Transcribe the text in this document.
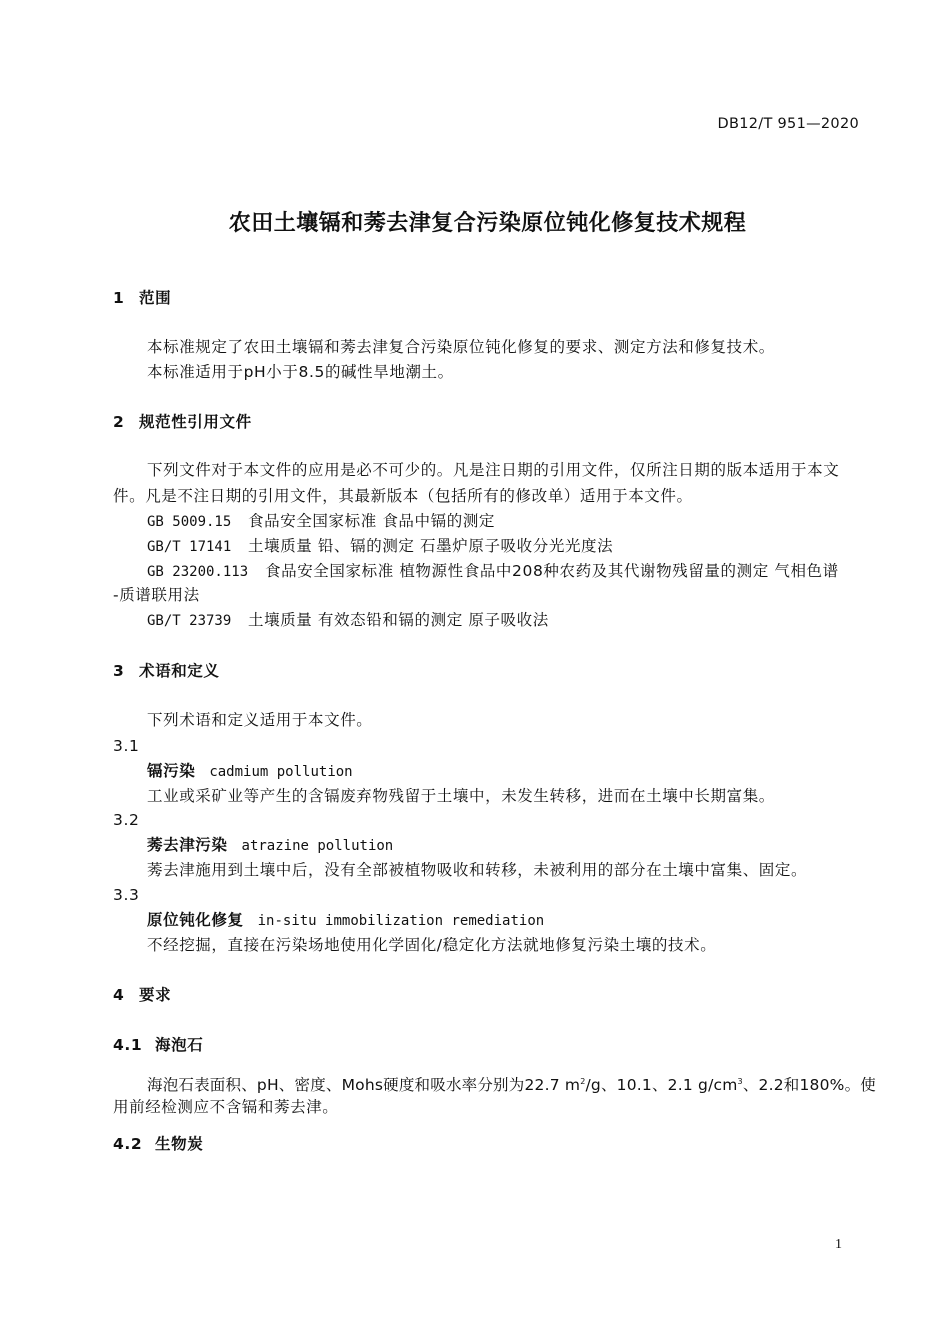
DB12/T 951—2020
农田土壤镉和莠去津复合污染原位钝化修复技术规程
1 范围
本标准规定了农田土壤镉和莠去津复合污染原位钝化修复的要求、测定方法和修复技术。
本标准适用于pH小于8.5的碱性旱地潮土。
2 规范性引用文件
下列文件对于本文件的应用是必不可少的。凡是注日期的引用文件，仅所注日期的版本适用于本文
件。凡是不注日期的引用文件，其最新版本（包括所有的修改单）适用于本文件。
GB 5009.15 食品安全国家标准 食品中镉的测定
GB/T 17141 土壤质量 铅、镉的测定 石墨炉原子吸收分光光度法
GB 23200.113 食品安全国家标准 植物源性食品中208种农药及其代谢物残留量的测定 气相色谱
-质谱联用法
GB/T 23739 土壤质量 有效态铅和镉的测定 原子吸收法
3 术语和定义
下列术语和定义适用于本文件。
3.1
镉污染 cadmium pollution
工业或采矿业等产生的含镉废弃物残留于土壤中，未发生转移，进而在土壤中长期富集。
3.2
莠去津污染 atrazine pollution
莠去津施用到土壤中后，没有全部被植物吸收和转移，未被利用的部分在土壤中富集、固定。
3.3
原位钝化修复 in-situ immobilization remediation
不经挖掘，直接在污染场地使用化学固化/稳定化方法就地修复污染土壤的技术。
4 要求
4.1 海泡石
海泡石表面积、pH、密度、Mohs硬度和吸水率分别为22.7 $m^2/g$、10.1、2.1 $g/cm^3$、2.2和180%。使
用前经检测应不含镉和莠去津。
4.2 生物炭
1
